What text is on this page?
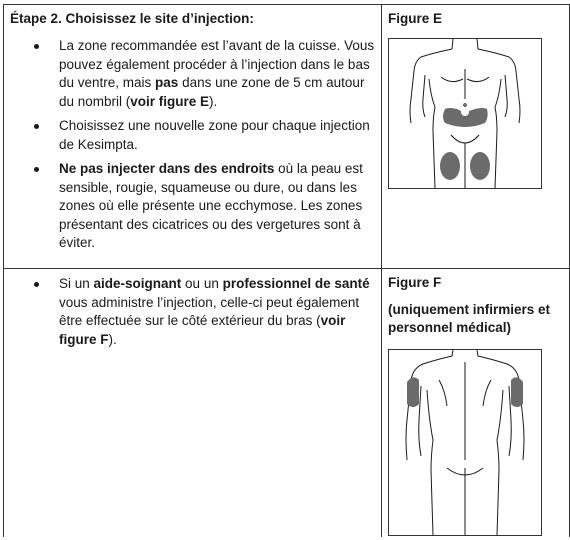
Étape 2. Choisissez le site d’injection:
La zone recommandée est l’avant de la cuisse. Vous pouvez également procéder à l’injection dans le bas du ventre, mais pas dans une zone de 5 cm autour du nombril (voir figure E).
Choisissez une nouvelle zone pour chaque injection de Kesimpta.
Ne pas injecter dans des endroits où la peau est sensible, rougie, squameuse ou dure, ou dans les zones où elle présente une ecchymose. Les zones présentant des cicatrices ou des vergetures sont à éviter.
Figure E
Si un aide-soignant ou un professionnel de santé vous administre l’injection, celle-ci peut également être effectuée sur le côté extérieur du bras (voir figure F).
Figure F
(uniquement infirmiers et personnel médical)
